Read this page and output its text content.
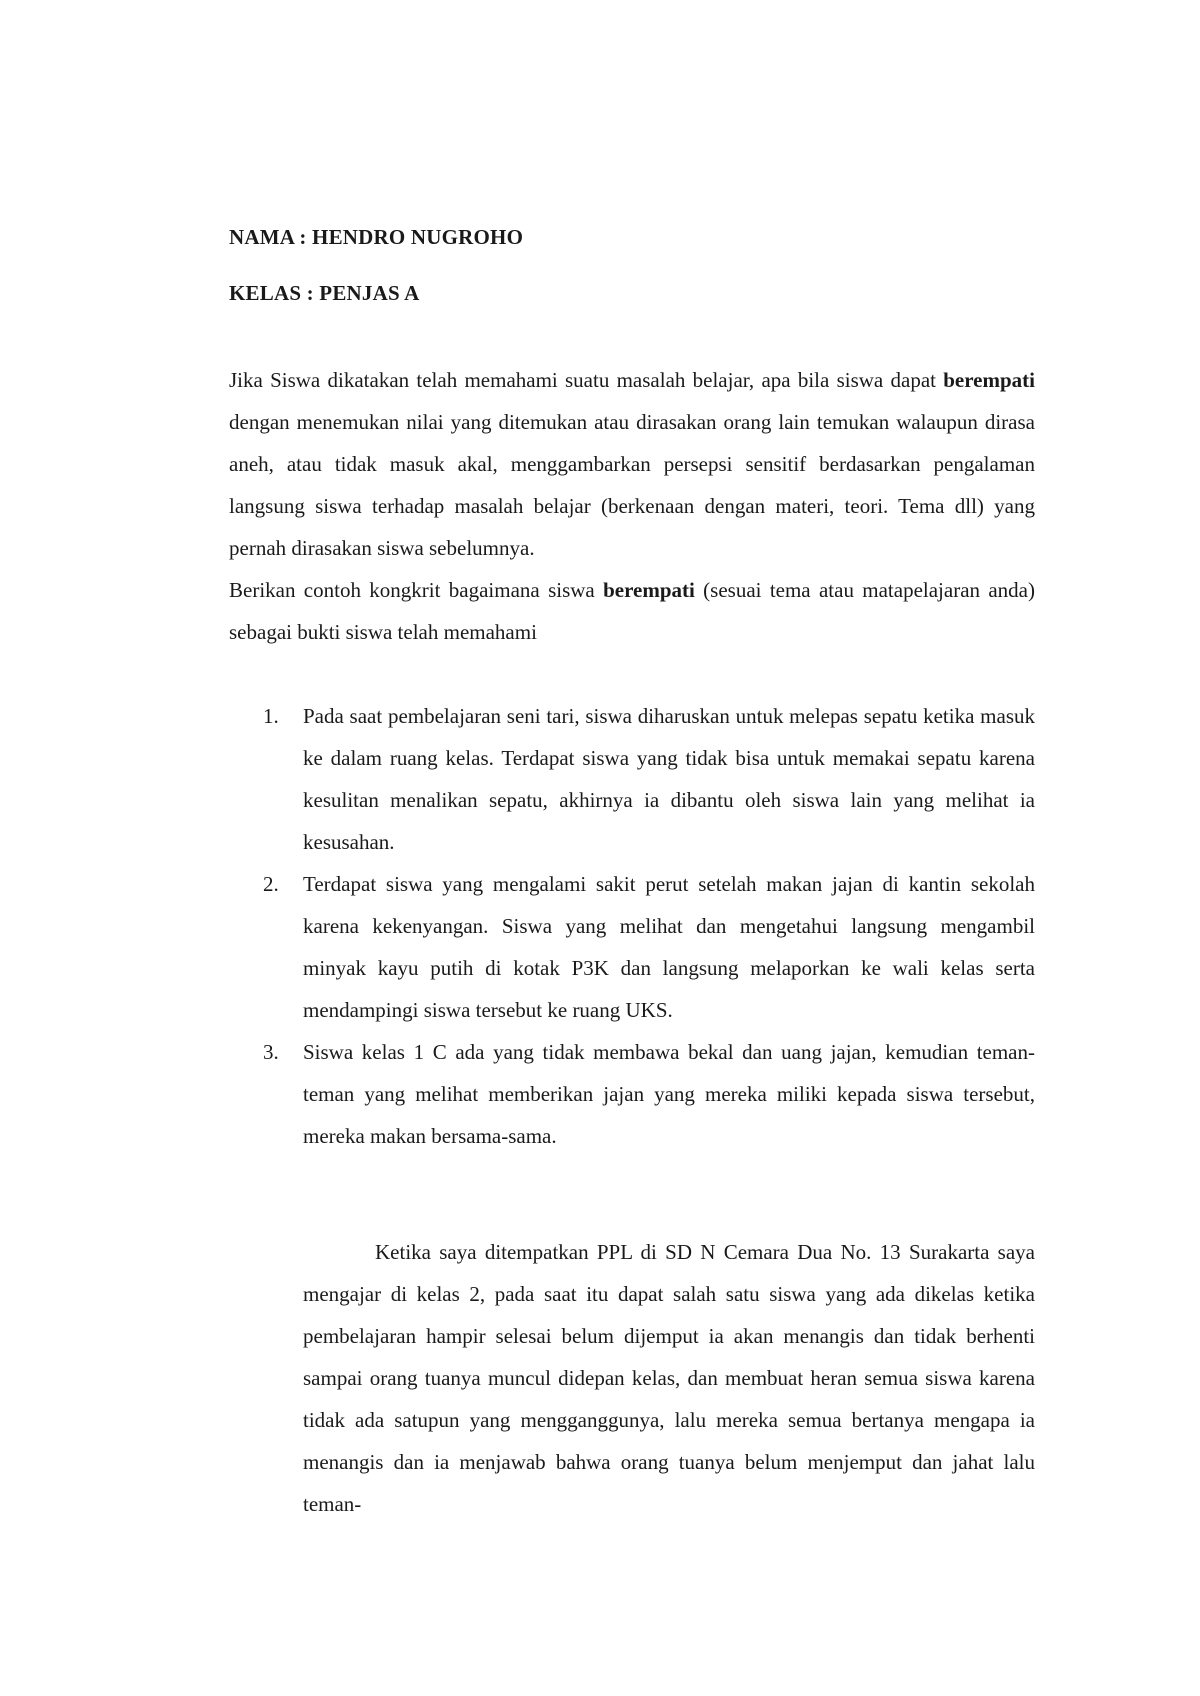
NAMA : HENDRO NUGROHO

KELAS : PENJAS A

Jika Siswa dikatakan telah memahami suatu masalah belajar, apa bila siswa dapat berempati dengan menemukan nilai yang ditemukan atau dirasakan orang lain temukan walaupun dirasa aneh, atau tidak masuk akal, menggambarkan persepsi sensitif berdasarkan pengalaman langsung siswa terhadap masalah belajar (berkenaan dengan materi, teori. Tema dll) yang pernah dirasakan siswa sebelumnya.

Berikan contoh kongkrit bagaimana siswa berempati (sesuai tema atau matapelajaran anda) sebagai bukti siswa telah memahami

1. Pada saat pembelajaran seni tari, siswa diharuskan untuk melepas sepatu ketika masuk ke dalam ruang kelas. Terdapat siswa yang tidak bisa untuk memakai sepatu karena kesulitan menalikan sepatu, akhirnya ia dibantu oleh siswa lain yang melihat ia kesusahan.
2. Terdapat siswa yang mengalami sakit perut setelah makan jajan di kantin sekolah karena kekenyangan. Siswa yang melihat dan mengetahui langsung mengambil minyak kayu putih di kotak P3K dan langsung melaporkan ke wali kelas serta mendampingi siswa tersebut ke ruang UKS.
3. Siswa kelas 1 C ada yang tidak membawa bekal dan uang jajan, kemudian teman-teman yang melihat memberikan jajan yang mereka miliki kepada siswa tersebut, mereka makan bersama-sama.

Ketika saya ditempatkan PPL di SD N Cemara Dua No. 13 Surakarta saya mengajar di kelas 2, pada saat itu dapat salah satu siswa yang ada dikelas ketika pembelajaran hampir selesai belum dijemput ia akan menangis dan tidak berhenti sampai orang tuanya muncul didepan kelas, dan membuat heran semua siswa karena tidak ada satupun yang mengganggunya, lalu mereka semua bertanya mengapa ia menangis dan ia menjawab bahwa orang tuanya belum menjemput dan jahat lalu teman-
